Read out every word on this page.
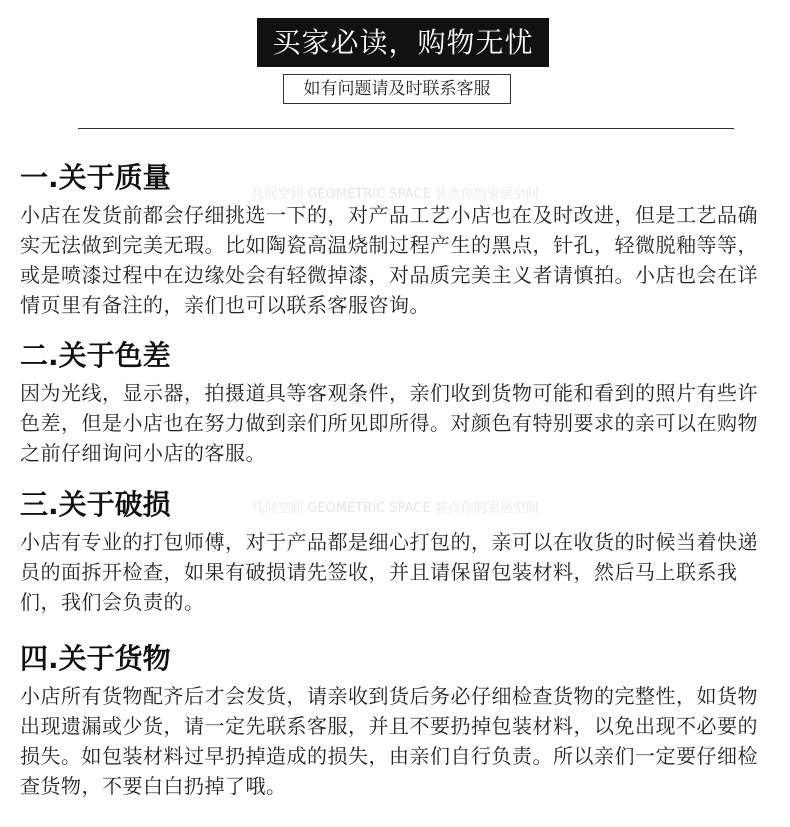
买家必读，购物无忧
如有问题请及时联系客服
几何空间 GEOMETRIC SPACE 装点你的家居空间
几何空间 GEOMETRIC SPACE 装点你的家居空间
一.关于质量

小店在发货前都会仔细挑选一下的，对产品工艺小店也在及时改进，但是工艺品确实无法做到完美无瑕。比如陶瓷高温烧制过程产生的黑点，针孔，轻微脱釉等等，或是喷漆过程中在边缘处会有轻微掉漆，对品质完美主义者请慎拍。小店也会在详情页里有备注的，亲们也可以联系客服咨询。

二.关于色差

因为光线，显示器，拍摄道具等客观条件，亲们收到货物可能和看到的照片有些许色差，但是小店也在努力做到亲们所见即所得。对颜色有特别要求的亲可以在购物之前仔细询问小店的客服。

三.关于破损

小店有专业的打包师傅，对于产品都是细心打包的，亲可以在收货的时候当着快递员的面拆开检查，如果有破损请先签收，并且请保留包装材料，然后马上联系我们，我们会负责的。

四.关于货物

小店所有货物配齐后才会发货，请亲收到货后务必仔细检查货物的完整性，如货物出现遗漏或少货，请一定先联系客服，并且不要扔掉包装材料，以免出现不必要的损失。如包装材料过早扔掉造成的损失，由亲们自行负责。所以亲们一定要仔细检查货物，不要白白扔掉了哦。
